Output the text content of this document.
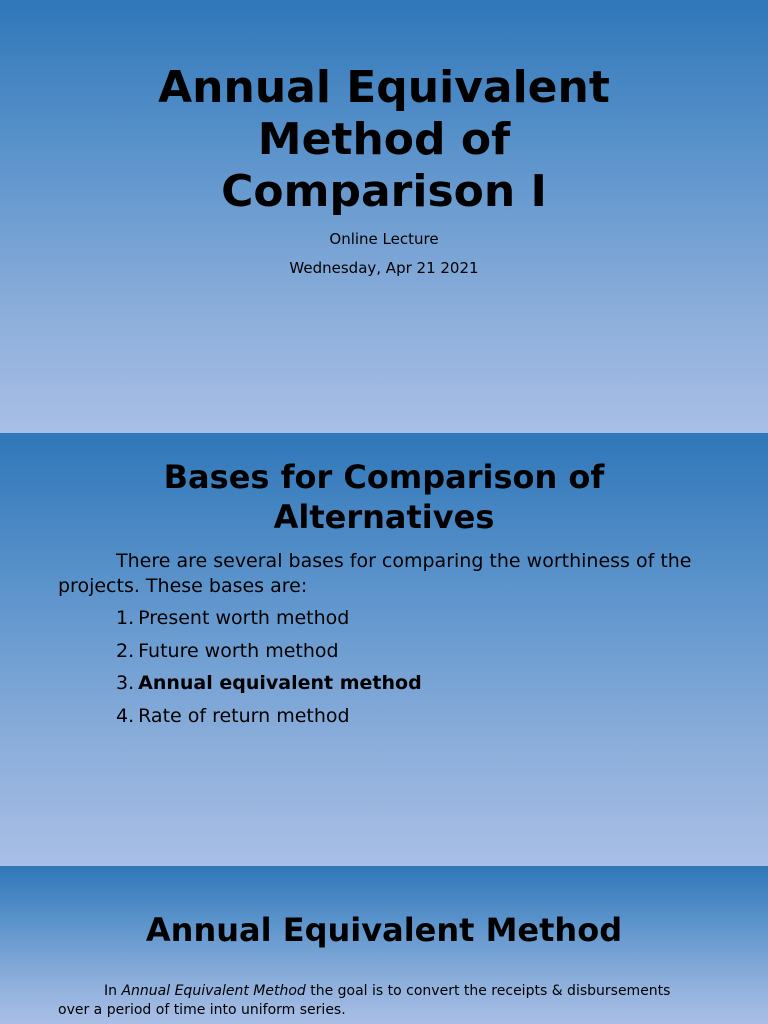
Annual Equivalent
Method of
Comparison I

Online Lecture

Wednesday, Apr 21 2021

Bases for Comparison of
Alternatives

There are several bases for comparing the worthiness of the projects. These bases are:

1. Present worth method
2. Future worth method
3. Annual equivalent method
4. Rate of return method
Annual Equivalent Method

In Annual Equivalent Method the goal is to convert the receipts & disbursements over a period of time into uniform series.
